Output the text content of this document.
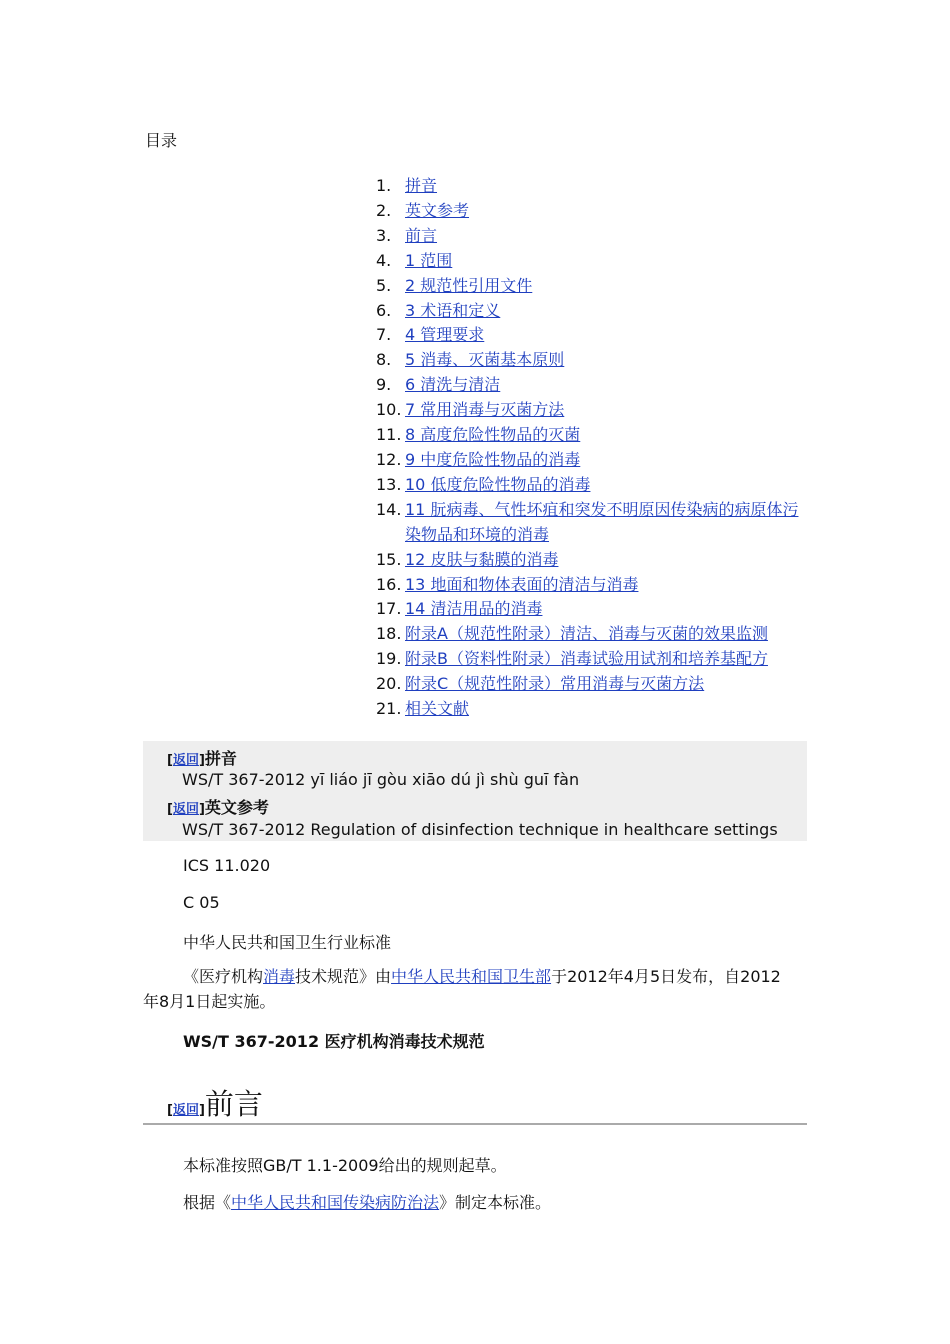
目录
1. 拼音
2. 英文参考
3. 前言
4. 1 范围
5. 2 规范性引用文件
6. 3 术语和定义
7. 4 管理要求
8. 5 消毒、灭菌基本原则
9. 6 清洗与清洁
10. 7 常用消毒与灭菌方法
11. 8 高度危险性物品的灭菌
12. 9 中度危险性物品的消毒
13. 10 低度危险性物品的消毒
14. 11 朊病毒、气性坏疽和突发不明原因传染病的病原体污染物品和环境的消毒
15. 12 皮肤与黏膜的消毒
16. 13 地面和物体表面的清洁与消毒
17. 14 清洁用品的消毒
18. 附录A（规范性附录）清洁、消毒与灭菌的效果监测
19. 附录B（资料性附录）消毒试验用试剂和培养基配方
20. 附录C（规范性附录）常用消毒与灭菌方法
21. 相关文献
[返回]拼音
WS/T 367-2012 yī liáo jī gòu xiāo dú jì shù guī fàn
[返回]英文参考
WS/T 367-2012 Regulation of disinfection technique in healthcare settings
ICS 11.020
C 05
中华人民共和国卫生行业标准
《医疗机构消毒技术规范》由中华人民共和国卫生部于2012年4月5日发布，自2012年8月1日起实施。
WS/T 367-2012 医疗机构消毒技术规范
[返回]前言
本标准按照GB/T 1.1-2009给出的规则起草。
根据《中华人民共和国传染病防治法》制定本标准。
